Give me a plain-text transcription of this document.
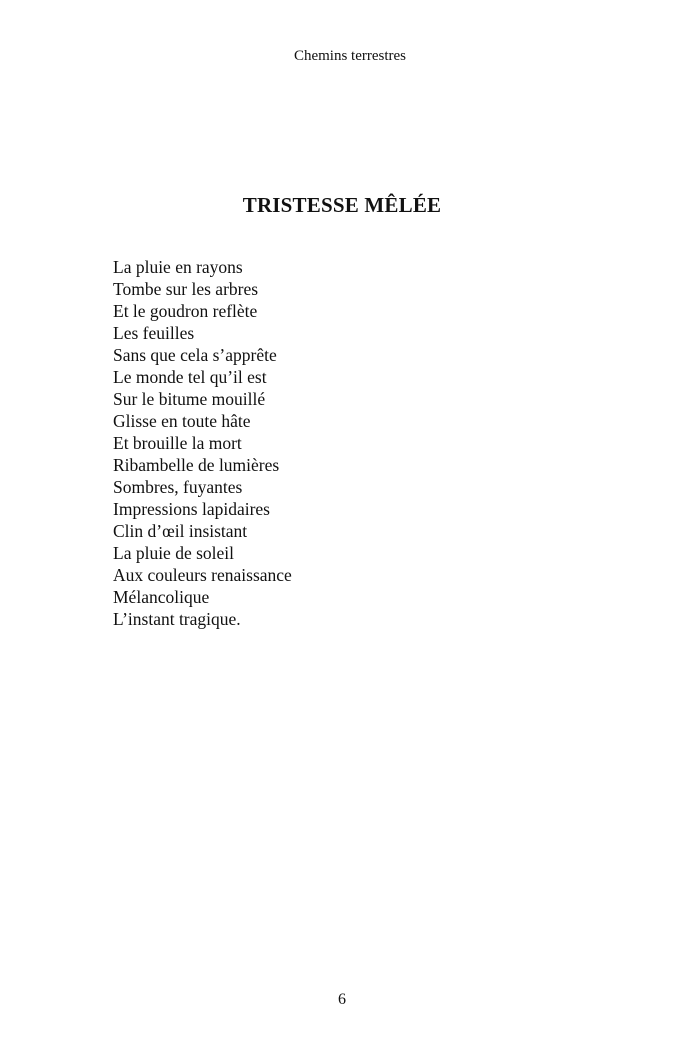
Chemins terrestres
TRISTESSE MÊLÉE
La pluie en rayons
Tombe sur les arbres
Et le goudron reflète
Les feuilles
Sans que cela s’apprête
Le monde tel qu’il est
Sur le bitume mouillé
Glisse en toute hâte
Et brouille la mort
Ribambelle de lumières
Sombres, fuyantes
Impressions lapidaires
Clin d’œil insistant
La pluie de soleil
Aux couleurs renaissance
Mélancolique
L’instant tragique.
6
